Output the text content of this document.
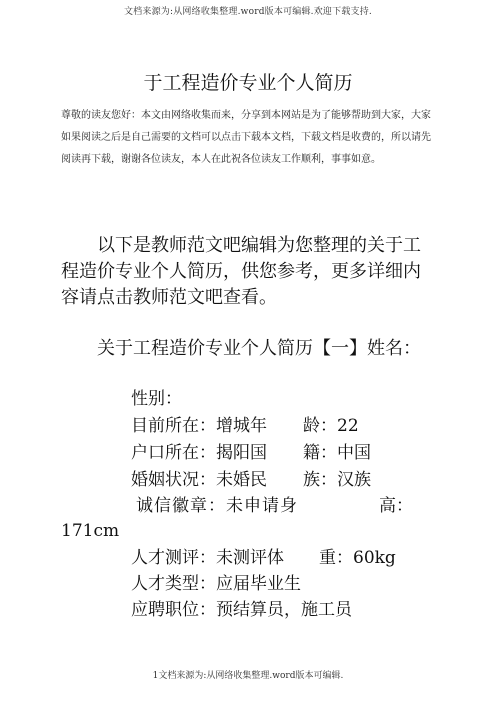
文档来源为:从网络收集整理.word版本可编辑.欢迎下载支持.
于工程造价专业个人简历
尊敬的读友您好：本文由网络收集而来，分享到本网站是为了能够帮助到大家，大家如果阅读之后是自己需要的文档可以点击下载本文档，下载文档是收费的，所以请先阅读再下载，谢谢各位读友，本人在此祝各位读友工作顺利，事事如意。
以下是教师范文吧编辑为您整理的关于工程造价专业个人简历，供您参考，更多详细内容请点击教师范文吧查看。
关于工程造价专业个人简历【一】姓名：
性别：
目前所在：增城年 龄：22
户口所在：揭阳国 籍：中国
婚姻状况：未婚民 族：汉族
诚信徽章：未申请身	高：
171cm
人才测评：未测评体 重：60kg
人才类型：应届毕业生
应聘职位：预结算员，施工员
1文档来源为:从网络收集整理.word版本可编辑.
